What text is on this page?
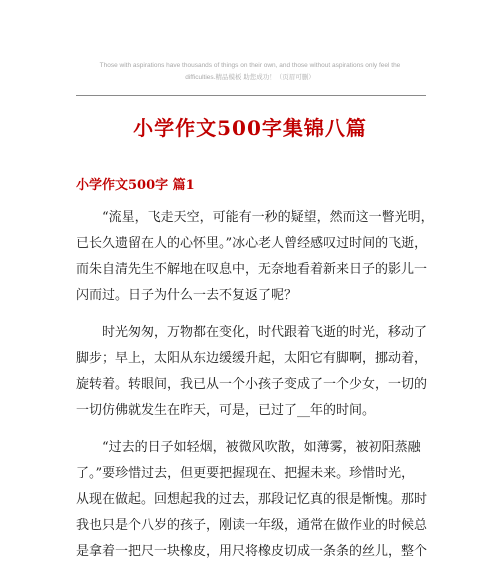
Those with aspirations have thousands of things on their own, and those without aspirations only feel the
difficulties.精品模板 助您成功！（页眉可删）
小学作文500字集锦八篇
小学作文500字 篇1
　　“流星，飞走天空，可能有一秒的疑望，然而这一瞥光明，
已长久遗留在人的心怀里。”冰心老人曾经感叹过时间的飞逝，
而朱自清先生不解地在叹息中，无奈地看着新来日子的影儿一
闪而过。日子为什么一去不复返了呢？
　　时光匆匆，万物都在变化，时代跟着飞逝的时光，移动了
脚步；早上，太阳从东边缓缓升起，太阳它有脚啊，挪动着，
旋转着。转眼间，我已从一个小孩子变成了一个少女，一切的
一切仿佛就发生在昨天，可是，已过了__年的时间。
　　“过去的日子如轻烟，被微风吹散，如薄雾，被初阳蒸融
了。”要珍惜过去，但更要把握现在、把握未来。珍惜时光，
从现在做起。回想起我的过去，那段记忆真的很是惭愧。那时
我也只是个八岁的孩子，刚读一年级，通常在做作业的时候总
是拿着一把尺一块橡皮，用尺将橡皮切成一条条的丝儿，整个
